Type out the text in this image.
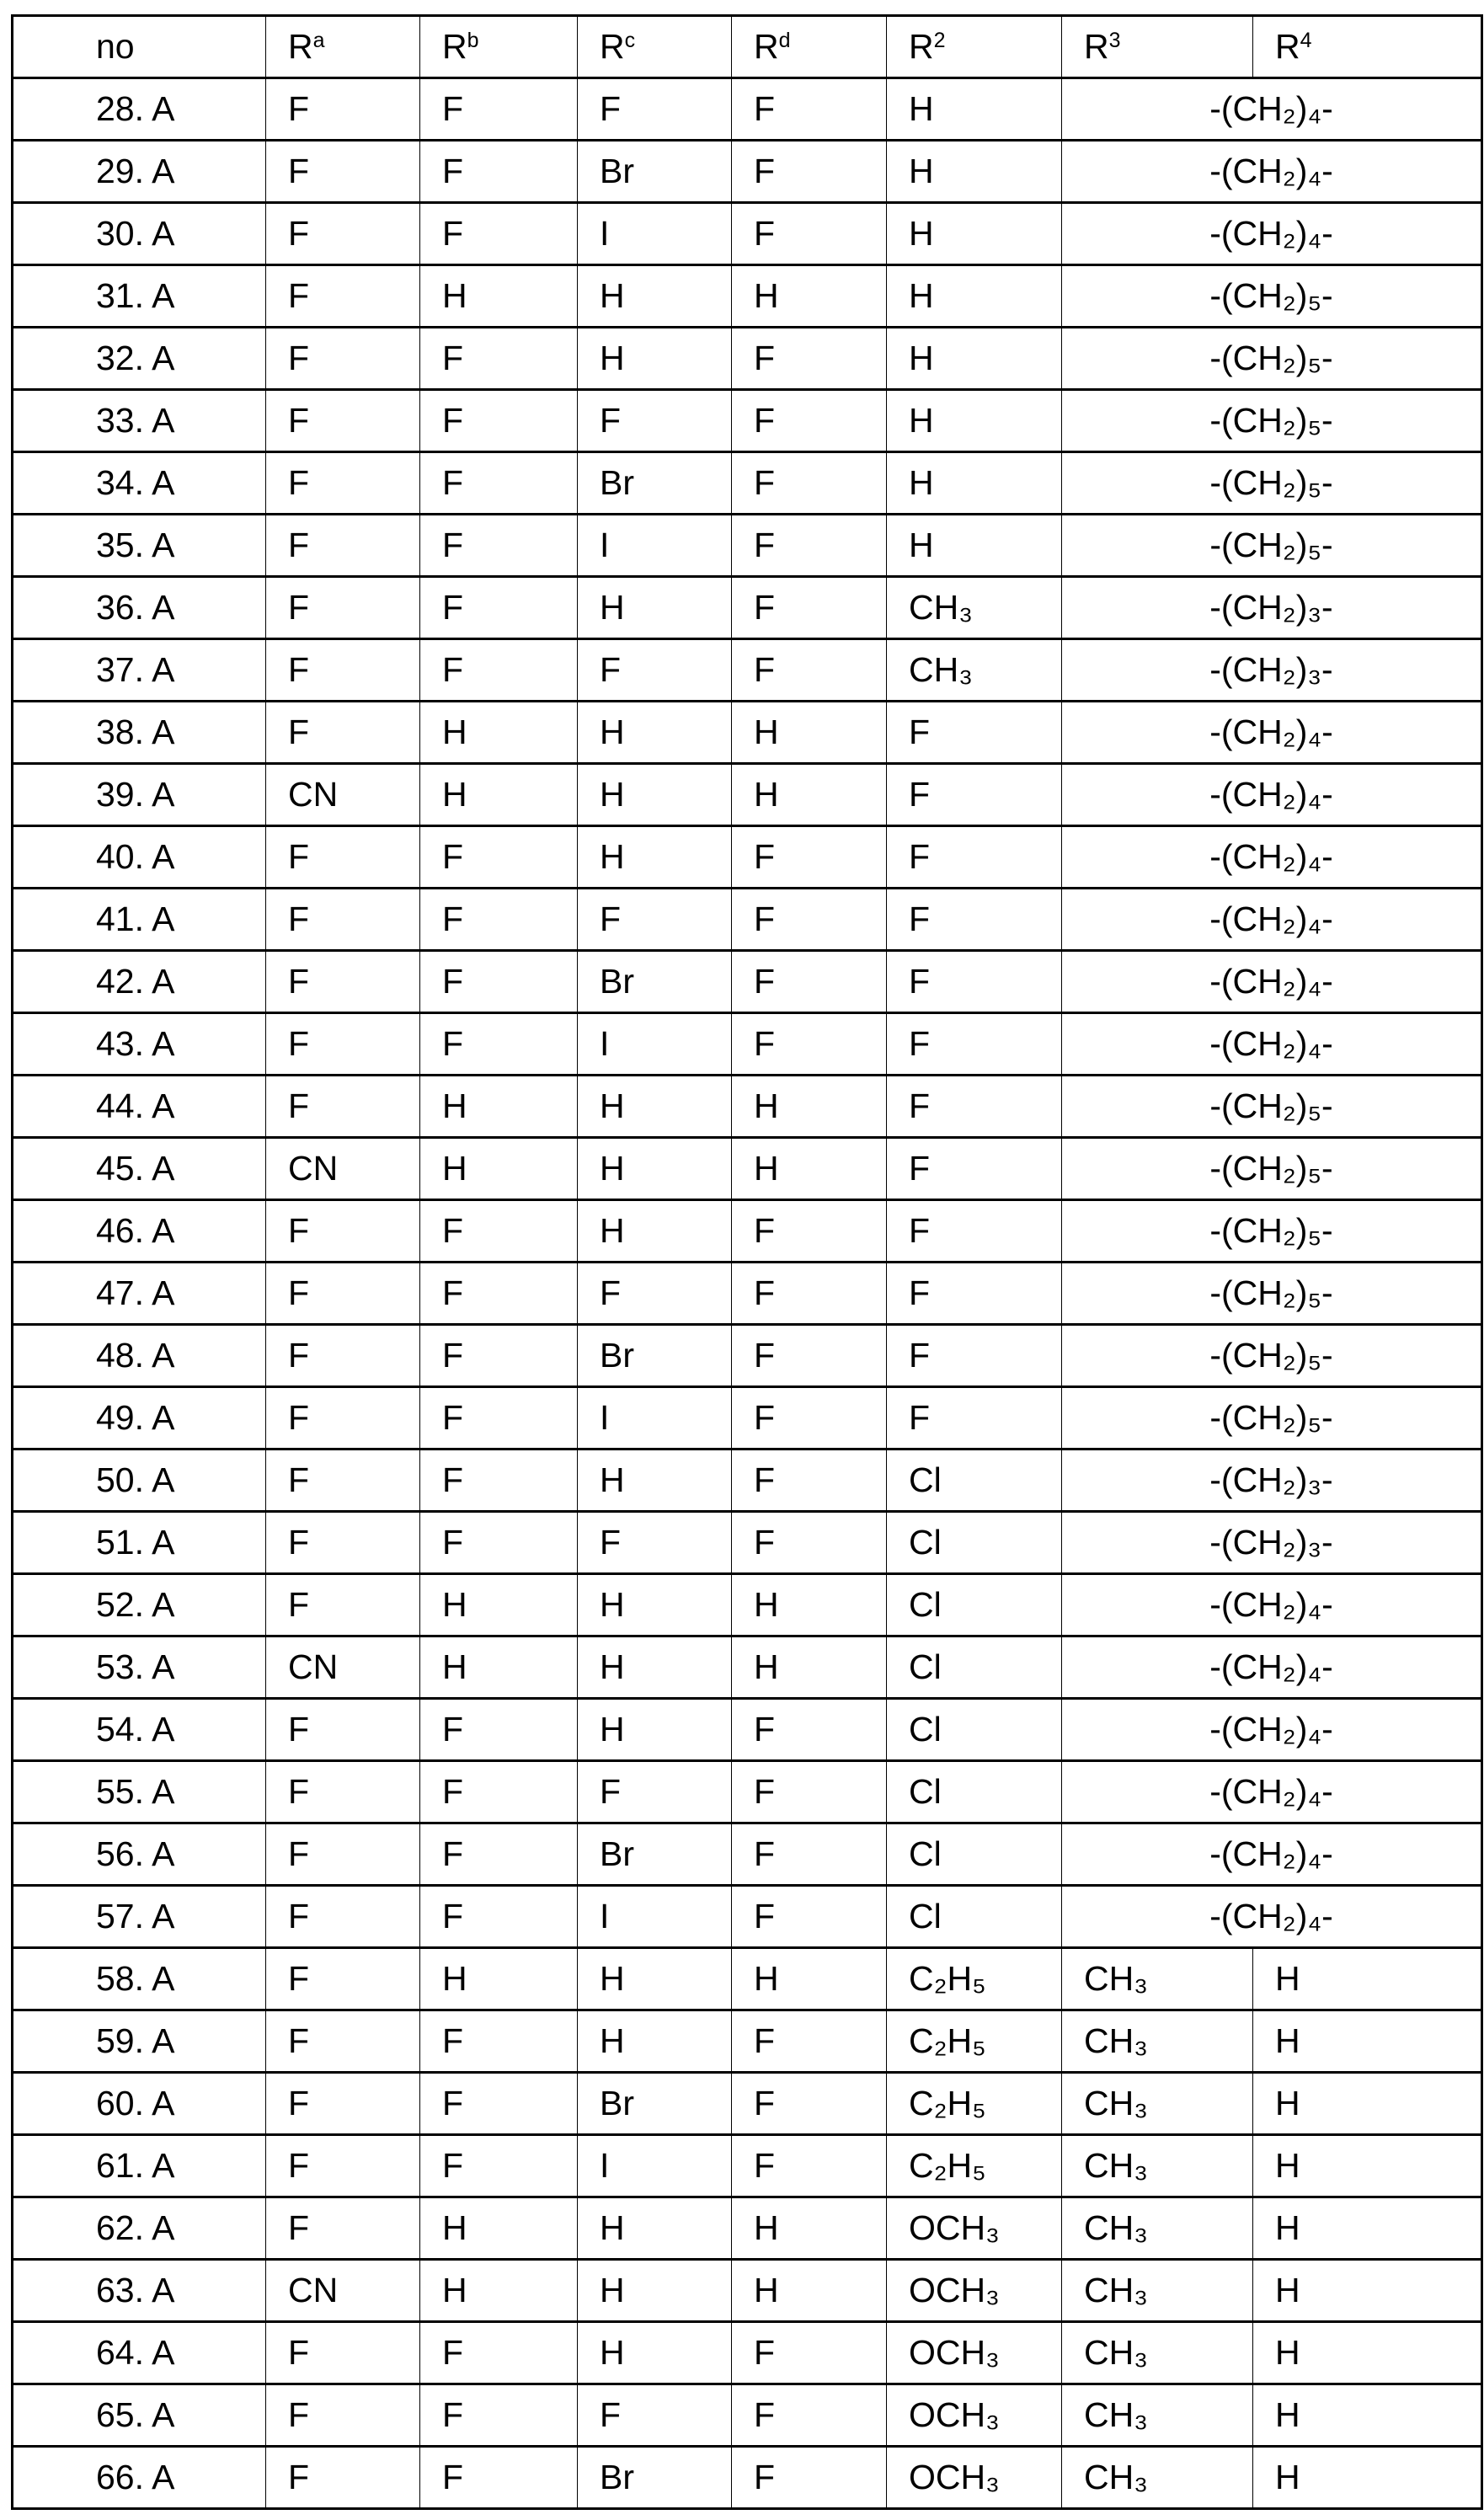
no	Ra	Rb	Rc	Rd	R2	R3	R4
28. A	F	F	F	F	H	-(CH₂)₄-
29. A	F	F	Br	F	H	-(CH₂)₄-
30. A	F	F	I	F	H	-(CH₂)₄-
31. A	F	H	H	H	H	-(CH₂)₅-
32. A	F	F	H	F	H	-(CH₂)₅-
33. A	F	F	F	F	H	-(CH₂)₅-
34. A	F	F	Br	F	H	-(CH₂)₅-
35. A	F	F	I	F	H	-(CH₂)₅-
36. A	F	F	H	F	CH₃	-(CH₂)₃-
37. A	F	F	F	F	CH₃	-(CH₂)₃-
38. A	F	H	H	H	F	-(CH₂)₄-
39. A	CN	H	H	H	F	-(CH₂)₄-
40. A	F	F	H	F	F	-(CH₂)₄-
41. A	F	F	F	F	F	-(CH₂)₄-
42. A	F	F	Br	F	F	-(CH₂)₄-
43. A	F	F	I	F	F	-(CH₂)₄-
44. A	F	H	H	H	F	-(CH₂)₅-
45. A	CN	H	H	H	F	-(CH₂)₅-
46. A	F	F	H	F	F	-(CH₂)₅-
47. A	F	F	F	F	F	-(CH₂)₅-
48. A	F	F	Br	F	F	-(CH₂)₅-
49. A	F	F	I	F	F	-(CH₂)₅-
50. A	F	F	H	F	Cl	-(CH₂)₃-
51. A	F	F	F	F	Cl	-(CH₂)₃-
52. A	F	H	H	H	Cl	-(CH₂)₄-
53. A	CN	H	H	H	Cl	-(CH₂)₄-
54. A	F	F	H	F	Cl	-(CH₂)₄-
55. A	F	F	F	F	Cl	-(CH₂)₄-
56. A	F	F	Br	F	Cl	-(CH₂)₄-
57. A	F	F	I	F	Cl	-(CH₂)₄-
58. A	F	H	H	H	C₂H₅	CH₃	H
59. A	F	F	H	F	C₂H₅	CH₃	H
60. A	F	F	Br	F	C₂H₅	CH₃	H
61. A	F	F	I	F	C₂H₅	CH₃	H
62. A	F	H	H	H	OCH₃	CH₃	H
63. A	CN	H	H	H	OCH₃	CH₃	H
64. A	F	F	H	F	OCH₃	CH₃	H
65. A	F	F	F	F	OCH₃	CH₃	H
66. A	F	F	Br	F	OCH₃	CH₃	H
